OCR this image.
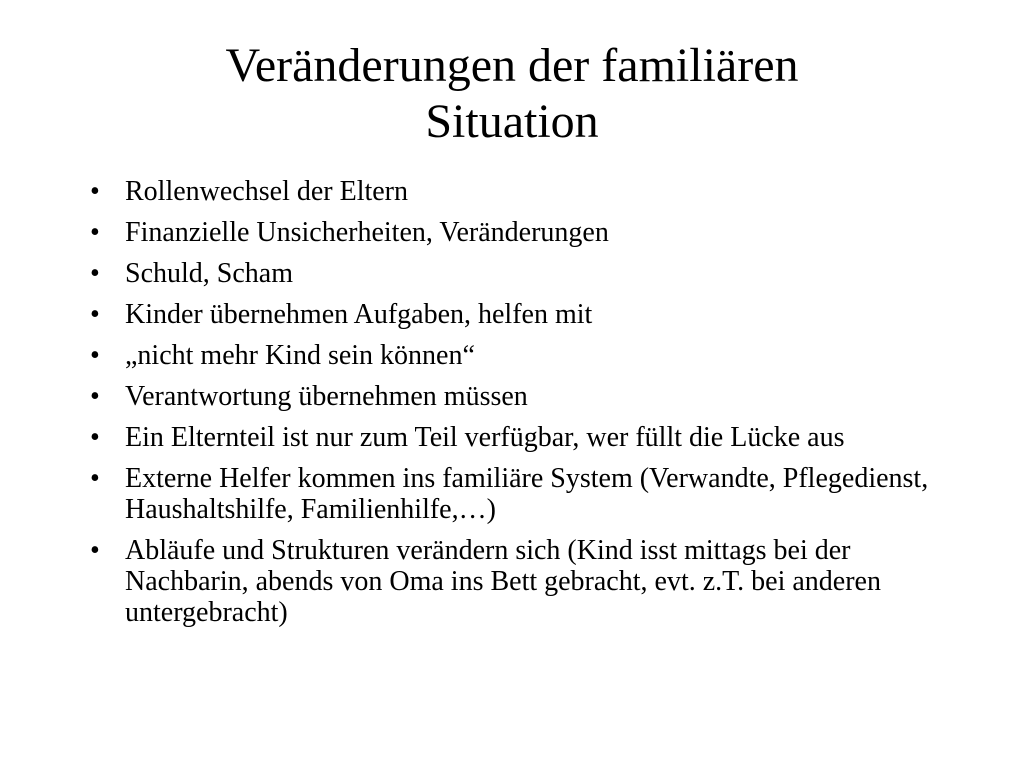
Veränderungen der familiären
Situation
• Rollenwechsel der Eltern
• Finanzielle Unsicherheiten, Veränderungen
• Schuld, Scham
• Kinder übernehmen Aufgaben, helfen mit
• „nicht mehr Kind sein können“
• Verantwortung übernehmen müssen
• Ein Elternteil ist nur zum Teil verfügbar, wer füllt die Lücke aus
• Externe Helfer kommen ins familiäre System (Verwandte, Pflegedienst, Haushaltshilfe, Familienhilfe,…)
• Abläufe und Strukturen verändern sich (Kind isst mittags bei der Nachbarin, abends von Oma ins Bett gebracht, evt. z.T. bei anderen untergebracht)
